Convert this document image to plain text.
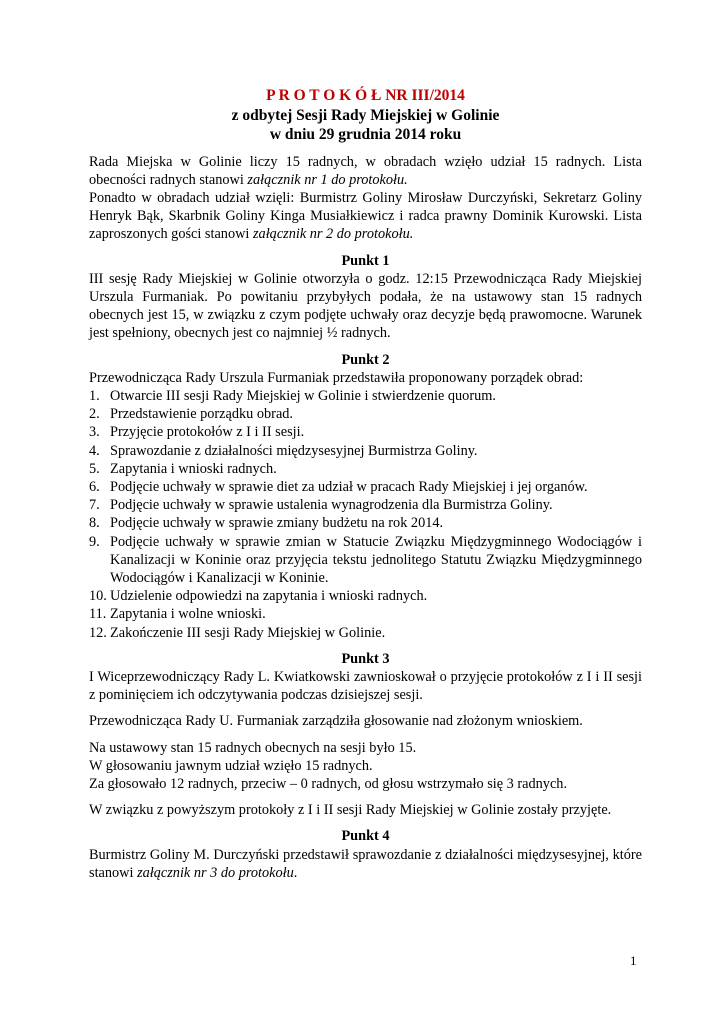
P R O T O K Ó Ł NR III/2014
z odbytej Sesji Rady Miejskiej w Golinie
w dniu 29 grudnia 2014 roku

Rada Miejska w Golinie liczy 15 radnych, w obradach wzięło udział 15 radnych. Lista obecności radnych stanowi załącznik nr 1 do protokołu.

Ponadto w obradach udział wzięli: Burmistrz Goliny Mirosław Durczyński, Sekretarz Goliny Henryk Bąk, Skarbnik Goliny Kinga Musiałkiewicz i radca prawny Dominik Kurowski. Lista zaproszonych gości stanowi załącznik nr 2 do protokołu.

Punkt 1

III sesję Rady Miejskiej w Golinie otworzyła o godz. 12:15 Przewodnicząca Rady Miejskiej Urszula Furmaniak. Po powitaniu przybyłych podała, że na ustawowy stan 15 radnych obecnych jest 15, w związku z czym podjęte uchwały oraz decyzje będą prawomocne. Warunek jest spełniony, obecnych jest co najmniej ½ radnych.

Punkt 2

Przewodnicząca Rady Urszula Furmaniak przedstawiła proponowany porządek obrad:

1. Otwarcie III sesji Rady Miejskiej w Golinie i stwierdzenie quorum.
2. Przedstawienie porządku obrad.
3. Przyjęcie protokołów z I i II sesji.
4. Sprawozdanie z działalności międzysesyjnej Burmistrza Goliny.
5. Zapytania i wnioski radnych.
6. Podjęcie uchwały w sprawie diet za udział w pracach Rady Miejskiej i jej organów.
7. Podjęcie uchwały w sprawie ustalenia wynagrodzenia dla Burmistrza Goliny.
8. Podjęcie uchwały w sprawie zmiany budżetu na rok 2014.
9. Podjęcie uchwały w sprawie zmian w Statucie Związku Międzygminnego Wodociągów i Kanalizacji w Koninie oraz przyjęcia tekstu jednolitego Statutu Związku Międzygminnego Wodociągów i Kanalizacji w Koninie.
10. Udzielenie odpowiedzi na zapytania i wnioski radnych.
11. Zapytania i wolne wnioski.
12. Zakończenie III sesji Rady Miejskiej w Golinie.

Punkt 3

I Wiceprzewodniczący Rady L. Kwiatkowski zawnioskował o przyjęcie protokołów z I i II sesji z pominięciem ich odczytywania podczas dzisiejszej sesji.

Przewodnicząca Rady U. Furmaniak zarządziła głosowanie nad złożonym wnioskiem.

Na ustawowy stan 15 radnych obecnych na sesji było 15.

W głosowaniu jawnym udział wzięło 15 radnych.

Za głosowało 12 radnych, przeciw – 0 radnych, od głosu wstrzymało się 3 radnych.

W związku z powyższym protokoły z I i II sesji Rady Miejskiej w Golinie zostały przyjęte.

Punkt 4

Burmistrz Goliny M. Durczyński przedstawił sprawozdanie z działalności międzysesyjnej, które stanowi załącznik nr 3 do protokołu.

1
